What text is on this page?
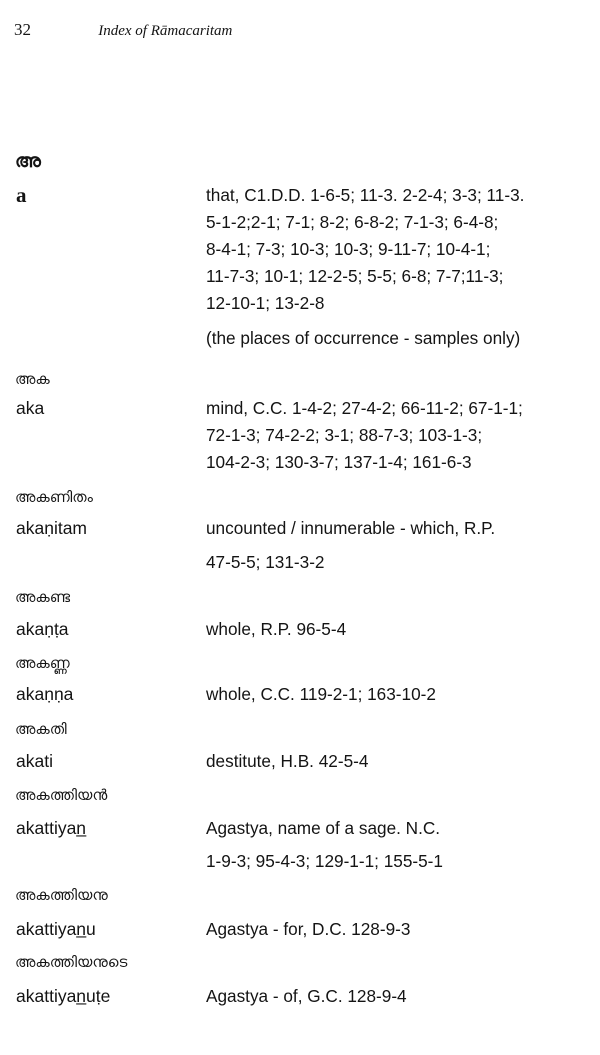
32	Index of Rāmacaritam
അ
a	that, C1.D.D. 1-6-5; 11-3. 2-2-4; 3-3; 11-3.
5-1-2;2-1; 7-1; 8-2; 6-8-2; 7-1-3; 6-4-8;
8-4-1; 7-3; 10-3; 10-3; 9-11-7; 10-4-1;
11-7-3; 10-1; 12-2-5; 5-5; 6-8; 7-7;11-3;
12-10-1; 13-2-8
(the places of occurrence - samples only)
അക
aka	mind, C.C. 1-4-2; 27-4-2; 66-11-2; 67-1-1;
72-1-3; 74-2-2; 3-1; 88-7-3; 103-1-3;
104-2-3; 130-3-7; 137-1-4; 161-6-3
അകണിതം
akaṇitam	uncounted / innumerable - which, R.P.
47-5-5; 131-3-2
അകണ്ട
akaṇṭa	whole, R.P. 96-5-4
അകണ്ണ
akaṇṇa	whole, C.C. 119-2-1; 163-10-2
അകതി
akati	destitute, H.B. 42-5-4
അകത്തിയൻ
akattiyan̲	Agastya, name of a sage. N.C.
1-9-3; 95-4-3; 129-1-1; 155-5-1
അകത്തിയനു
akattiyan̲u	Agastya - for, D.C. 128-9-3
അകത്തിയനുടെ
akattiyan̲uṭe	Agastya - of, G.C. 128-9-4
